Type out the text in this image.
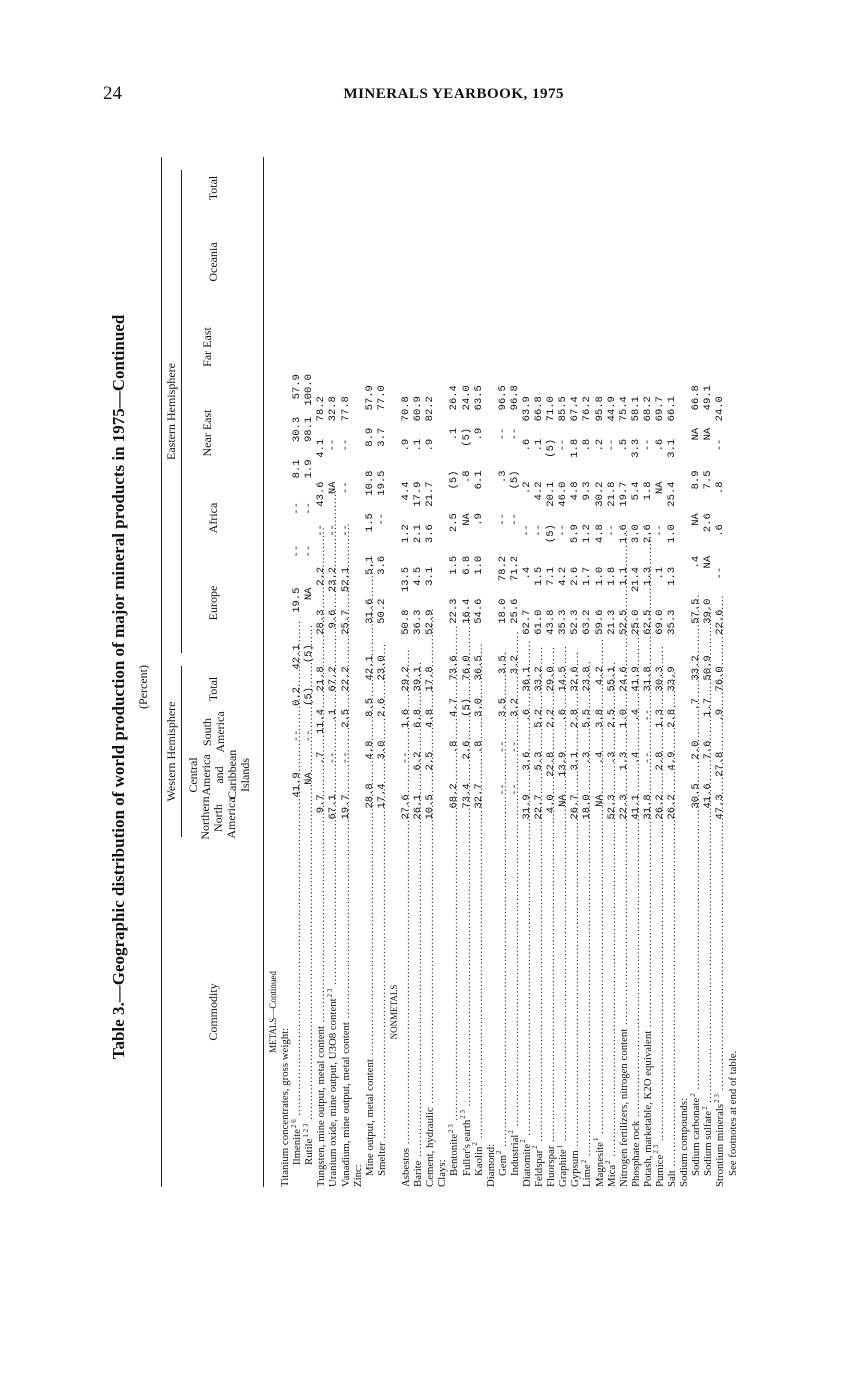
24	MINERALS YEARBOOK, 1975
Table 3.—Geographic distribution of world production of major mineral products in 1975—Continued (Percent)
Commodity
Western Hemisphere
Eastern Hemisphere
Northern North America
Central America and Caribbean Islands
South America
Total
Europe
Africa
Near East
Far East
Oceania
Total
METALS—Continued
Titanium concentrates, gross weight: Ilmenite$^{2 6}$ .....
41.9
--
0.2
42.1
19.5
--
--
8.1
30.3
57.9
Rutile$^{1 2 3}$ .....
NA
--
(5)
(5)
NA
--
--
1.9
98.1
100.0
Tungsten, mine output, metal content .....
9.7
.7
11.4
21.8
28.3
2.2
--
43.6
4.1
78.2
Uranium oxide, mine output, U3O8 content$^{2 3}$ .....
67.1
--
.1
67.2
9.6
23.2
--
NA
--
32.8
Vanadium, mine output, metal content .....
19.7
--
2.5
22.2
25.7
52.1
--
--
--
77.8
Zinc: Mine output, metal content .....
28.8
4.8
8.5
42.1
31.6
5.1
1.5
10.8
8.9
57.9
Smelter .....
17.4
3.0
2.6
23.0
50.2
3.6
--
19.5
3.7
77.0
NONMETALS
Asbestos .....
27.6
--
1.6
29.2
50.8
13.5
1.2
4.4
.9
70.8
Barite .....
26.1
6.2
6.8
39.1
36.3
4.5
2.1
17.9
.1
60.9
Cement, hydraulic .....
10.5
2.5
4.8
17.8
52.9
3.1
3.6
21.7
.9
82.2
Clays: Bentonite$^{2 3}$ .....
68.2
.8
4.7
73.6
22.3
1.5
2.5
(5)
.1
26.4
Fuller's earth$^{2 3}$ .....
73.4
2.6
(5)
76.0
16.4
6.8
NA
.8
(5)
24.0
Kaolin$^2$ .....
32.7
.8
3.0
36.5
54.6
1.0
.9
6.1
.9
63.5
Diamond: Gem$^2$ .....
--
--
3.5
3.5
18.0
78.2
--
.3
--
96.5
Industrial$^2$ .....
--
--
3.2
3.2
25.6
71.2
--
(5)
--
96.8
Diatomite$^2$ .....
31.9
3.6
.6
36.1
62.7
.4
--
.2
.6
63.9
Feldspar$^2$ .....
22.7
5.3
5.2
33.2
61.0
1.5
--
4.2
.1
66.8
Fluorspar .....
4.0
22.8
2.2
29.0
43.8
7.1
(5)
20.1
(5)
71.0
Graphite$^1$ .....
NA
13.9
.6
14.5
35.3
4.2
--
46.0
--
85.5
Gypsum .....
26.7
3.1
2.8
32.6
52.3
2.6
5.9
4.8
1.8
67.4
Lime$^2$ .....
18.0
.3
5.5
23.8
63.2
1.7
1.2
9.3
.8
76.2
Magnesite$^1$ .....
NA
.4
3.8
4.2
59.6
1.0
4.8
30.2
.2
95.8
Mica$^2$ .....
52.3
.3
2.5
55.1
21.3
1.8
--
21.8
--
44.9
Nitrogen fertilizers, nitrogen content .....
22.3
1.3
1.0
24.6
52.5
1.1
1.6
19.7
.5
75.4
Phosphate rock .....
41.1
.4
.4
41.9
25.0
21.4
3.0
5.4
3.3
58.1
Potash, marketable, K2O equivalent .....
31.8
--
--
31.8
62.5
1.3
2.6
1.8
--
68.2
Pumice$^{2 3}$ .....
26.2
2.8
1.3
30.3
69.0
.1
--
NA
.6
69.7
Salt .....
26.2
4.9
2.8
33.9
35.3
1.3
1.0
25.4
3.1
66.1
Sodium compounds: Sodium carbonate$^2$ .....
30.5
2.0
.7
33.2
57.5
.4
NA
8.9
NA
66.8
Sodium sulfate$^2$ .....
41.6
7.6
1.7
50.9
39.0
NA
2.6
7.5
NA
49.1
Strontium minerals$^{2 3}$ .....
47.3
27.8
.9
76.0
22.6
--
.6
.8
--
24.0
See footnotes at end of table.
